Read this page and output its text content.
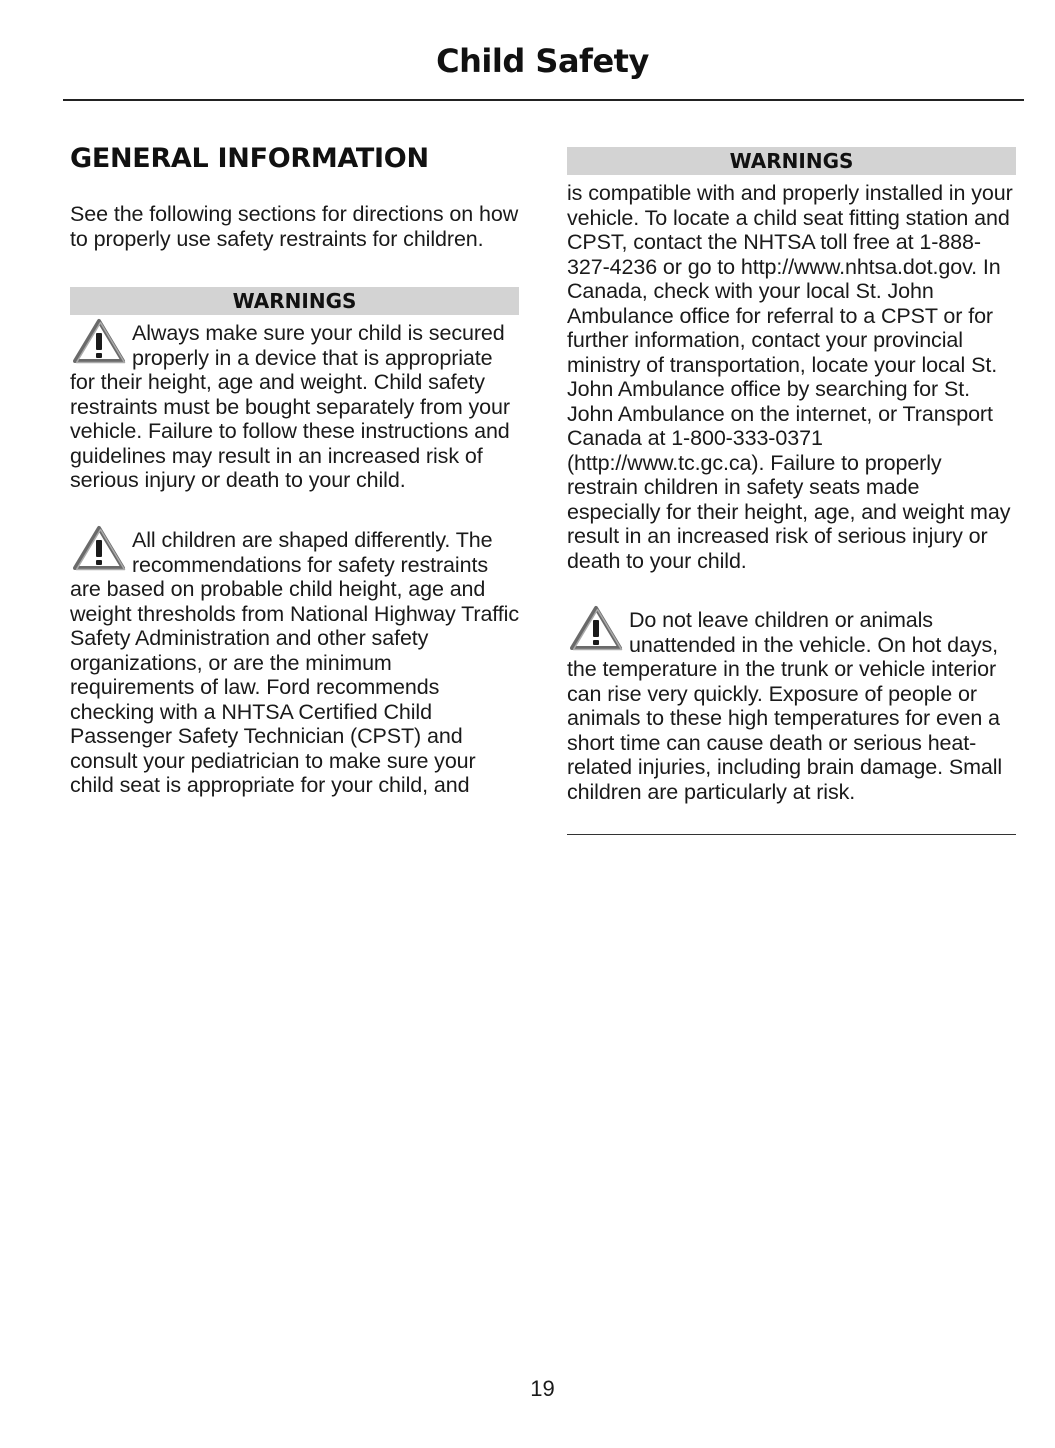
Child Safety
GENERAL INFORMATION

See the following sections for directions on how to properly use safety restraints for children.

WARNINGS
Always make sure your child is secured properly in a device that is appropriate for their height, age and weight. Child safety restraints must be bought separately from your vehicle. Failure to follow these instructions and guidelines may result in an increased risk of serious injury or death to your child.
All children are shaped differently. The recommendations for safety restraints are based on probable child height, age and weight thresholds from National Highway Traffic Safety Administration and other safety organizations, or are the minimum requirements of law. Ford recommends checking with a NHTSA Certified Child Passenger Safety Technician (CPST) and consult your pediatrician to make sure your child seat is appropriate for your child, and
WARNINGS

is compatible with and properly installed in your vehicle. To locate a child seat fitting station and CPST, contact the NHTSA toll free at 1-888-327-4236 or go to http://www.nhtsa.dot.gov. In Canada, check with your local St. John Ambulance office for referral to a CPST or for further information, contact your provincial ministry of transportation, locate your local St. John Ambulance office by searching for St. John Ambulance on the internet, or Transport Canada at 1-800-333-0371 (http://www.tc.gc.ca). Failure to properly restrain children in safety seats made especially for their height, age, and weight may result in an increased risk of serious injury or death to your child.

Do not leave children or animals unattended in the vehicle. On hot days, the temperature in the trunk or vehicle interior can rise very quickly. Exposure of people or animals to these high temperatures for even a short time can cause death or serious heat-related injuries, including brain damage. Small children are particularly at risk.
19
